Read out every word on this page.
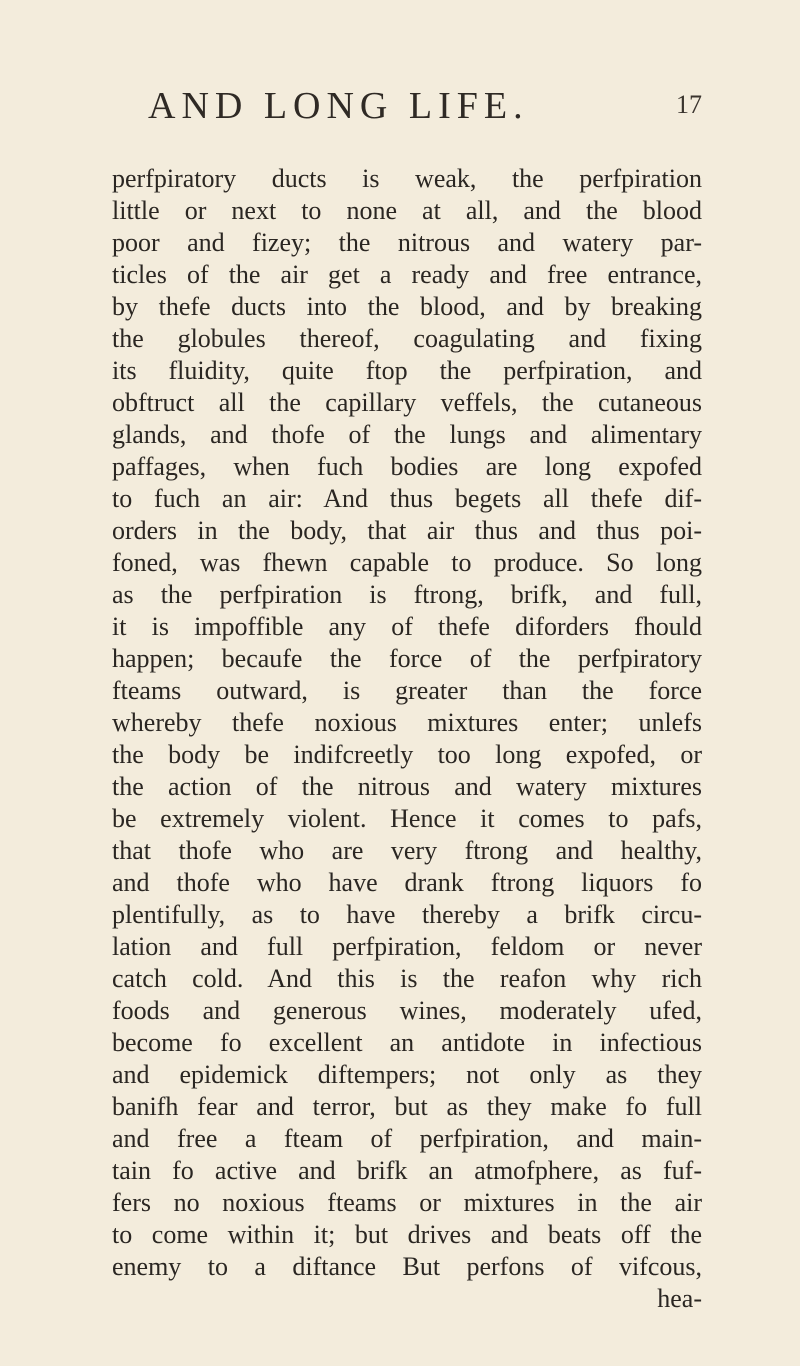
AND LONG LIFE.	17
perfpiratory ducts is weak, the perfpiration
little or next to none at all, and the blood
poor and fizey; the nitrous and watery par-
ticles of the air get a ready and free entrance,
by thefe ducts into the blood, and by breaking
the globules thereof, coagulating and fixing
its fluidity, quite ftop the perfpiration, and
obftruct all the capillary veffels, the cutaneous
glands, and thofe of the lungs and alimentary
paffages, when fuch bodies are long expofed
to fuch an air: And thus begets all thefe dif-
orders in the body, that air thus and thus poi-
foned, was fhewn capable to produce. So long
as the perfpiration is ftrong, brifk, and full,
it is impoffible any of thefe diforders fhould
happen; becaufe the force of the perfpiratory
fteams outward, is greater than the force
whereby thefe noxious mixtures enter; unlefs
the body be indifcreetly too long expofed, or
the action of the nitrous and watery mixtures
be extremely violent. Hence it comes to pafs,
that thofe who are very ftrong and healthy,
and thofe who have drank ftrong liquors fo
plentifully, as to have thereby a brifk circu-
lation and full perfpiration, feldom or never
catch cold. And this is the reafon why rich
foods and generous wines, moderately ufed,
become fo excellent an antidote in infectious
and epidemick diftempers; not only as they
banifh fear and terror, but as they make fo full
and free a fteam of perfpiration, and main-
tain fo active and brifk an atmofphere, as fuf-
fers no noxious fteams or mixtures in the air
to come within it; but drives and beats off the
enemy to a diftance But perfons of vifcous,
hea-
